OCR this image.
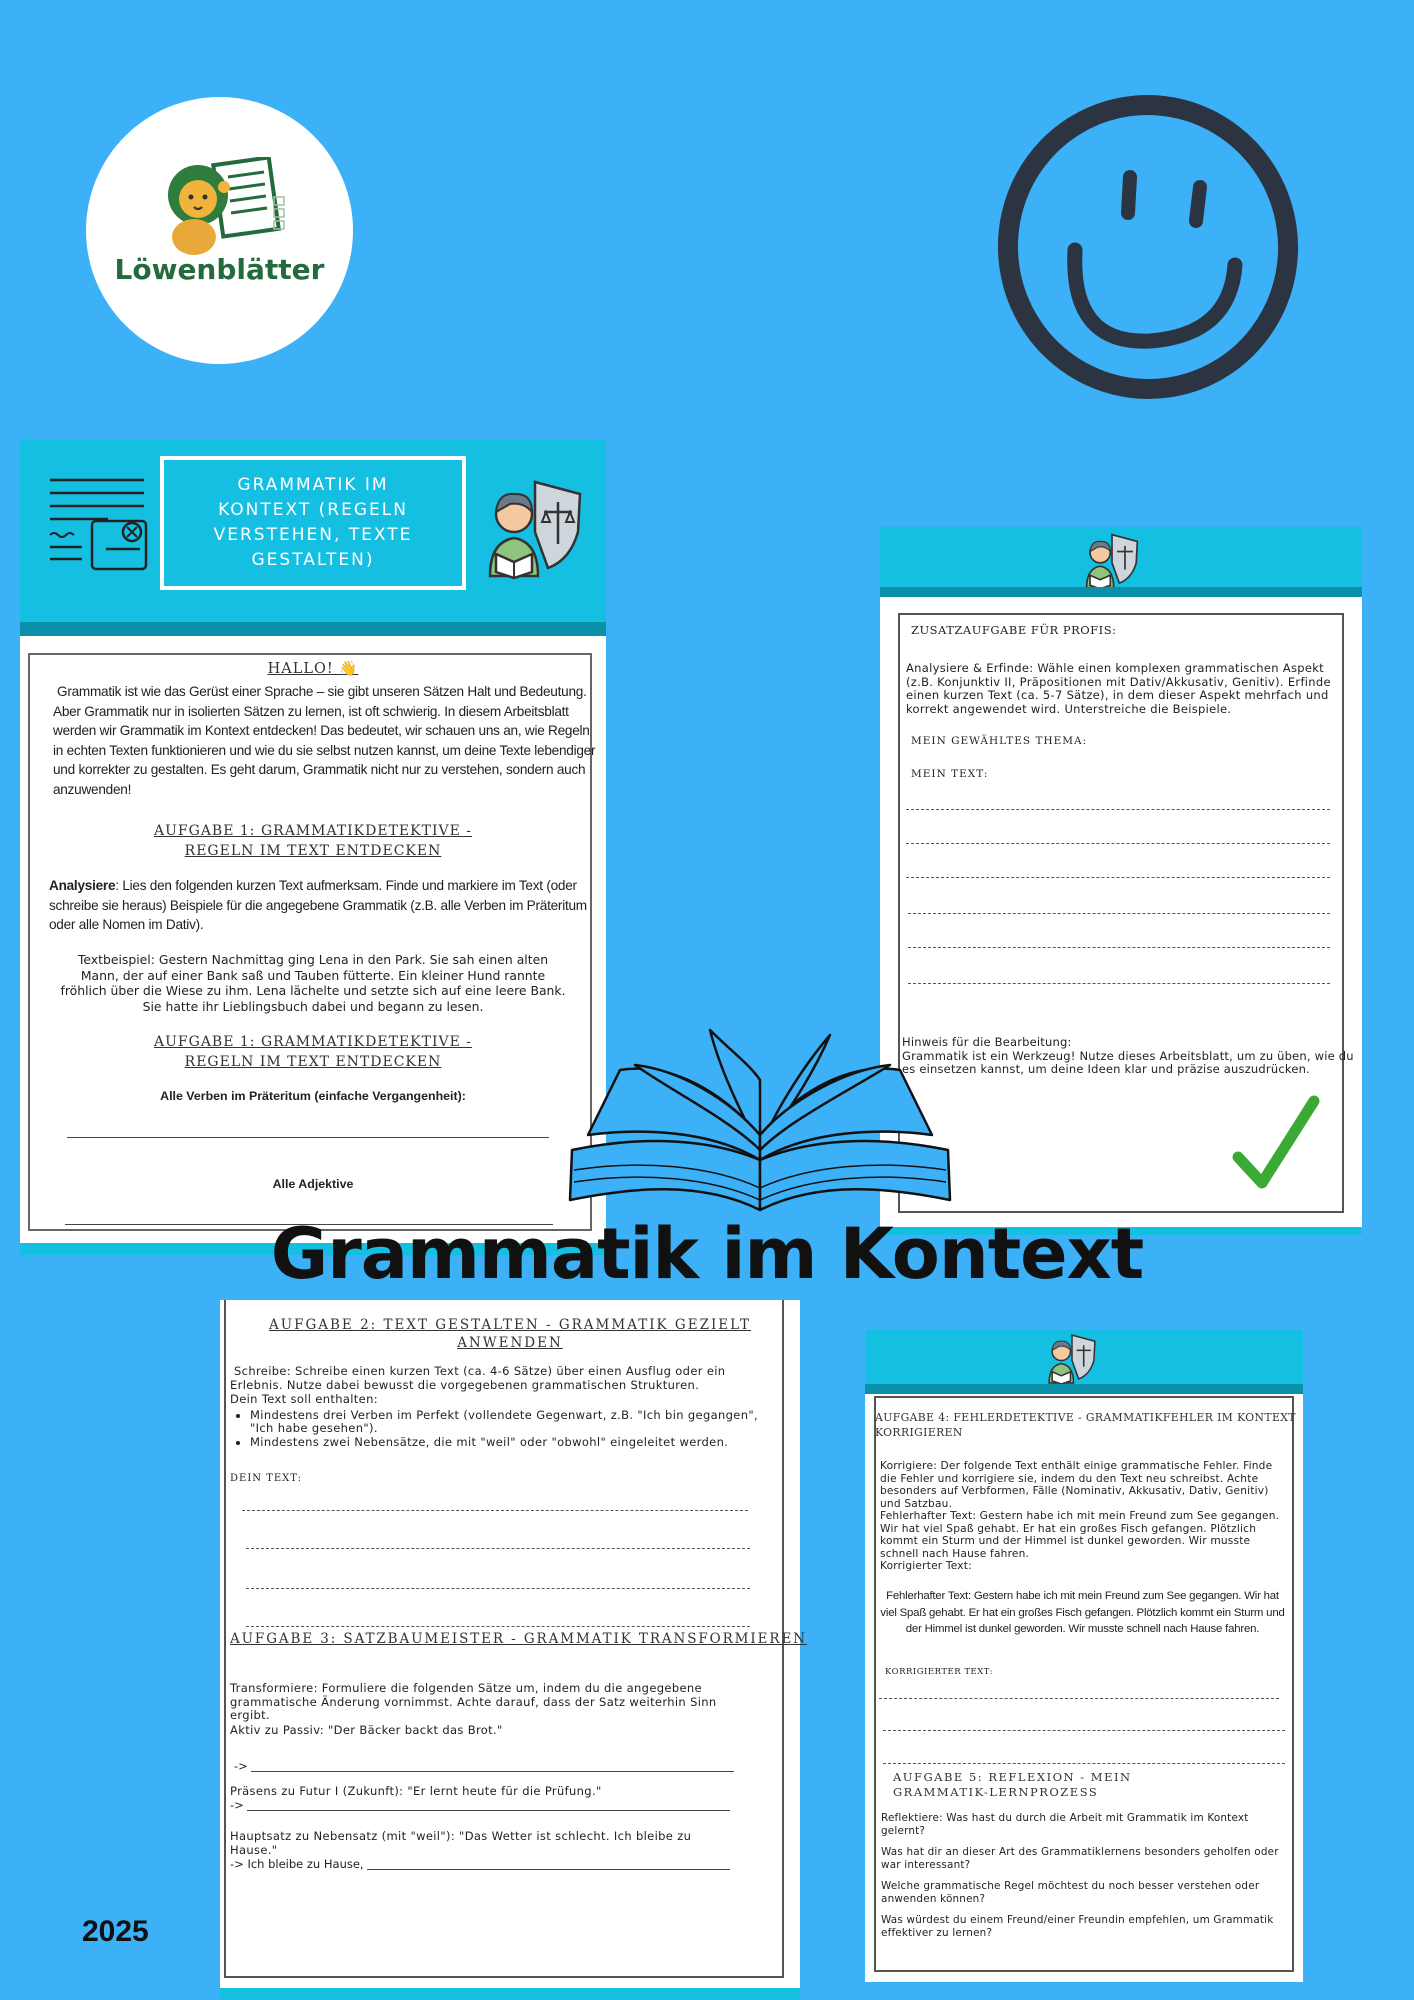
Löwenblätter
GRAMMATIK IM KONTEXT (REGELN VERSTEHEN, TEXTE GESTALTEN)
HALLO! 👋
Grammatik ist wie das Gerüst einer Sprache – sie gibt unseren Sätzen Halt und Bedeutung. Aber Grammatik nur in isolierten Sätzen zu lernen, ist oft schwierig. In diesem Arbeitsblatt werden wir Grammatik im Kontext entdecken! Das bedeutet, wir schauen uns an, wie Regeln in echten Texten funktionieren und wie du sie selbst nutzen kannst, um deine Texte lebendiger und korrekter zu gestalten. Es geht darum, Grammatik nicht nur zu verstehen, sondern auch anzuwenden!
AUFGABE 1: GRAMMATIKDETEKTIVE -
REGELN IM TEXT ENTDECKEN
Analysiere: Lies den folgenden kurzen Text aufmerksam. Finde und markiere im Text (oder schreibe sie heraus) Beispiele für die angegebene Grammatik (z.B. alle Verben im Präteritum oder alle Nomen im Dativ).
Textbeispiel: Gestern Nachmittag ging Lena in den Park. Sie sah einen alten Mann, der auf einer Bank saß und Tauben fütterte. Ein kleiner Hund rannte fröhlich über die Wiese zu ihm. Lena lächelte und setzte sich auf eine leere Bank. Sie hatte ihr Lieblingsbuch dabei und begann zu lesen.
AUFGABE 1: GRAMMATIKDETEKTIVE -
REGELN IM TEXT ENTDECKEN
Alle Verben im Präteritum (einfache Vergangenheit):
Alle Adjektive
ZUSATZAUFGABE FÜR PROFIS:
Analysiere & Erfinde: Wähle einen komplexen grammatischen Aspekt (z.B. Konjunktiv II, Präpositionen mit Dativ/Akkusativ, Genitiv). Erfinde einen kurzen Text (ca. 5-7 Sätze), in dem dieser Aspekt mehrfach und korrekt angewendet wird. Unterstreiche die Beispiele.
MEIN GEWÄHLTES THEMA:
MEIN TEXT:
Hinweis für die Bearbeitung:
Grammatik ist ein Werkzeug! Nutze dieses Arbeitsblatt, um zu üben, wie du es einsetzen kannst, um deine Ideen klar und präzise auszudrücken.
AUFGABE 2: TEXT GESTALTEN - GRAMMATIK GEZIELT ANWENDEN
Schreibe: Schreibe einen kurzen Text (ca. 4-6 Sätze) über einen Ausflug oder ein Erlebnis. Nutze dabei bewusst die vorgegebenen grammatischen Strukturen.
Dein Text soll enthalten:
• Mindestens drei Verben im Perfekt (vollendete Gegenwart, z.B. "Ich bin gegangen", "Ich habe gesehen").
• Mindestens zwei Nebensätze, die mit "weil" oder "obwohl" eingeleitet werden.
DEIN TEXT:
AUFGABE 3: SATZBAUMEISTER - GRAMMATIK TRANSFORMIEREN
Transformiere: Formuliere die folgenden Sätze um, indem du die angegebene grammatische Änderung vornimmst. Achte darauf, dass der Satz weiterhin Sinn ergibt.
Aktiv zu Passiv: "Der Bäcker backt das Brot."
->
Präsens zu Futur I (Zukunft): "Er lernt heute für die Prüfung."
->
Hauptsatz zu Nebensatz (mit "weil"): "Das Wetter ist schlecht. Ich bleibe zu Hause."
-> Ich bleibe zu Hause,
AUFGABE 4: FEHLERDETEKTIVE - GRAMMATIKFEHLER IM KONTEXT KORRIGIEREN
Korrigiere: Der folgende Text enthält einige grammatische Fehler. Finde die Fehler und korrigiere sie, indem du den Text neu schreibst. Achte besonders auf Verbformen, Fälle (Nominativ, Akkusativ, Dativ, Genitiv) und Satzbau.
Fehlerhafter Text: Gestern habe ich mit mein Freund zum See gegangen. Wir hat viel Spaß gehabt. Er hat ein großes Fisch gefangen. Plötzlich kommt ein Sturm und der Himmel ist dunkel geworden. Wir musste schnell nach Hause fahren.
Korrigierter Text:
Fehlerhafter Text: Gestern habe ich mit mein Freund zum See gegangen. Wir hat viel Spaß gehabt. Er hat ein großes Fisch gefangen. Plötzlich kommt ein Sturm und der Himmel ist dunkel geworden. Wir musste schnell nach Hause fahren.
KORRIGIERTER TEXT:
AUFGABE 5: REFLEXION - MEIN GRAMMATIK-LERNPROZESS
Reflektiere: Was hast du durch die Arbeit mit Grammatik im Kontext gelernt?
Was hat dir an dieser Art des Grammatiklernens besonders geholfen oder war interessant?
Welche grammatische Regel möchtest du noch besser verstehen oder anwenden können?
Was würdest du einem Freund/einer Freundin empfehlen, um Grammatik effektiver zu lernen?
Grammatik im Kontext
2025
